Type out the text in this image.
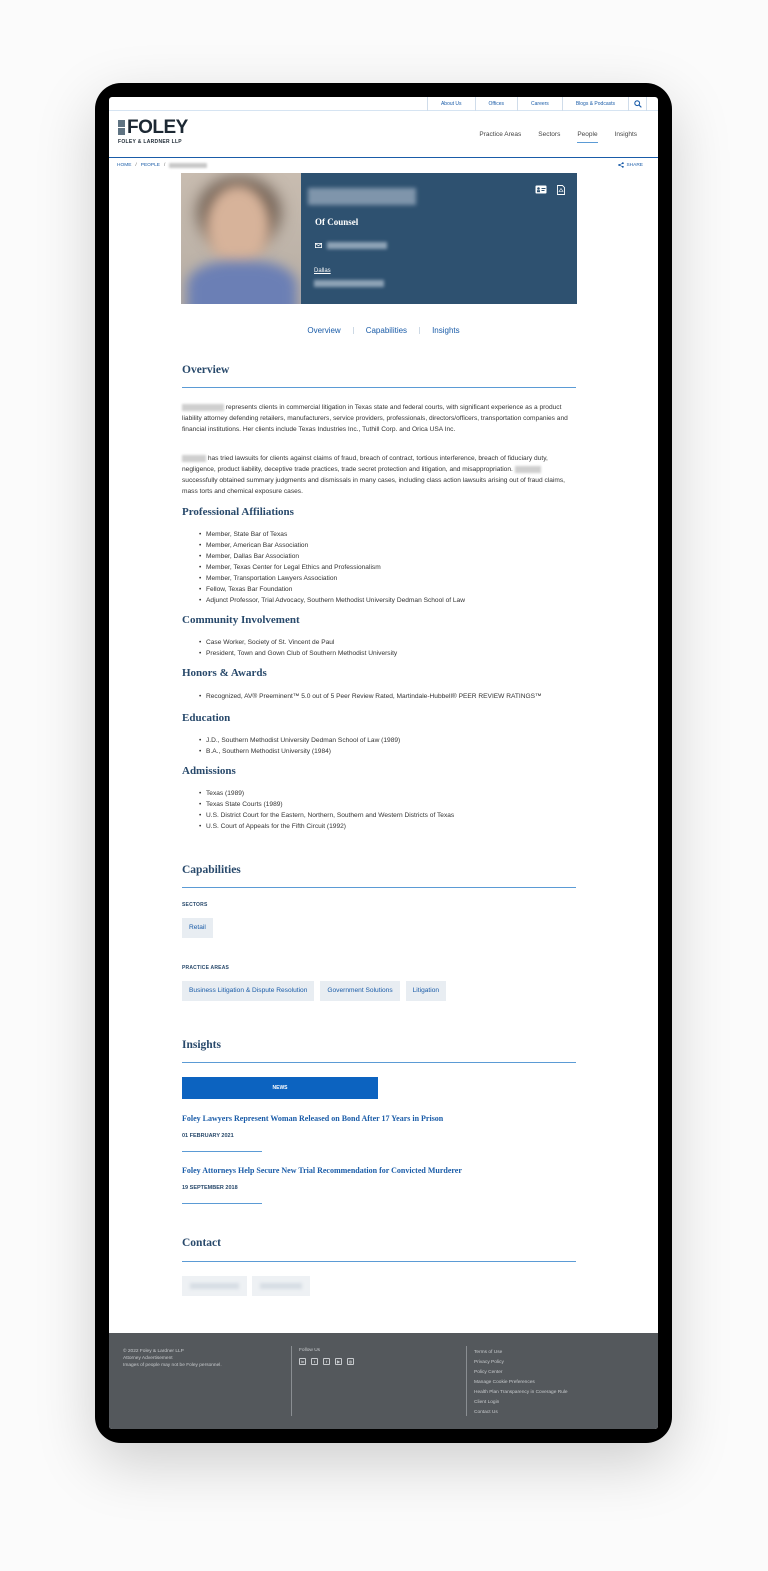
About Us	Offices	Careers	Blogs & Podcasts
FOLEY
FOLEY & LARDNER LLP
Practice Areas	Sectors	People	Insights
HOME / PEOPLE /	SHARE
Of Counsel
Dallas
Overview	Capabilities	Insights
Overview
represents clients in commercial litigation in Texas state and federal courts, with significant experience as a product liability attorney defending retailers, manufacturers, service providers, professionals, directors/officers, transportation companies and financial institutions. Her clients include Texas Industries Inc., Tuthill Corp. and Orica USA Inc.
has tried lawsuits for clients against claims of fraud, breach of contract, tortious interference, breach of fiduciary duty, negligence, product liability, deceptive trade practices, trade secret protection and litigation, and misappropriation.  successfully obtained summary judgments and dismissals in many cases, including class action lawsuits arising out of fraud claims, mass torts and chemical exposure cases.
Professional Affiliations
• Member, State Bar of Texas
• Member, American Bar Association
• Member, Dallas Bar Association
• Member, Texas Center for Legal Ethics and Professionalism
• Member, Transportation Lawyers Association
• Fellow, Texas Bar Foundation
• Adjunct Professor, Trial Advocacy, Southern Methodist University Dedman School of Law
Community Involvement
• Case Worker, Society of St. Vincent de Paul
• President, Town and Gown Club of Southern Methodist University
Honors & Awards
• Recognized, AV® Preeminent™ 5.0 out of 5 Peer Review Rated, Martindale-Hubbell® PEER REVIEW RATINGS™
Education
• J.D., Southern Methodist University Dedman School of Law (1989)
• B.A., Southern Methodist University (1984)
Admissions
• Texas (1989)
• Texas State Courts (1989)
• U.S. District Court for the Eastern, Northern, Southern and Western Districts of Texas
• U.S. Court of Appeals for the Fifth Circuit (1992)
Capabilities
SECTORS
Retail
PRACTICE AREAS
Business Litigation & Dispute Resolution	Government Solutions	Litigation
Insights
NEWS
Foley Lawyers Represent Woman Released on Bond After 17 Years in Prison
01 FEBRUARY 2021
Foley Attorneys Help Secure New Trial Recommendation for Convicted Murderer
19 SEPTEMBER 2018
Contact
© 2022 Foley & Lardner LLP
Attorney Advertisement
Images of people may not be Foley personnel.
Follow Us
in	t	f	▶	◎
Terms of Use
Privacy Policy
Policy Center
Manage Cookie Preferences
Health Plan Transparency in Coverage Rule
Client Login
Contact Us
